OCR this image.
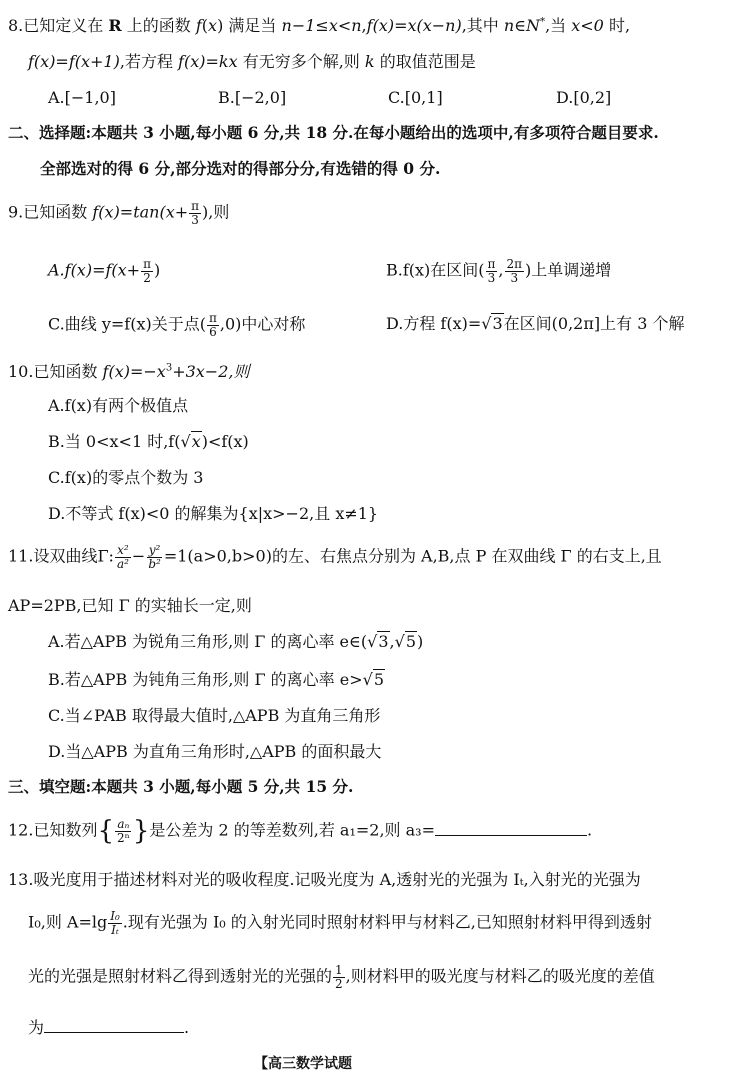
8.已知定义在 R 上的函数 f(x) 满足当 n−1≤x<n,f(x)=x(x−n),其中 n∈N*,当 x<0 时,
f(x)=f(x+1),若方程 f(x)=kx 有无穷多个解,则 k 的取值范围是
A.[−1,0]	B.[−2,0]	C.[0,1]	D.[0,2]
二、选择题:本题共 3 小题,每小题 6 分,共 18 分.在每小题给出的选项中,有多项符合题目要求.
全部选对的得 6 分,部分选对的得部分分,有选错的得 0 分.
9.已知函数 $f(x)=\tan(x+ \frac{\pi}{3}$ ),则
$A.f(x)=f(x+ \frac{\pi}{2}$ )	B.f(x)在区间( $\frac{\pi}{3}$ , $\frac{2\pi}{3}$ )上单调递增
C.曲线 y=f(x)关于点( $\frac{\pi}{6} ,0$)中心对称	D.方程 f(x)=√3在区间(0,2π]上有 3 个解
10.已知函数 $f(x)=-x^3+3x-2$,则
A.f(x)有两个极值点
B.当 0<x<1 时,f(√x)<f(x)
C.f(x)的零点个数为 3
D.不等式 f(x)<0 的解集为{x|x>−2,且 x≠1}
11.设双曲线Γ: $\frac{\text{x²}}{\text{a²}} - \frac{\text{y²}}{\text{b²}} =1(a>0,b>0)$的左、右焦点分别为 A,B,点 P 在双曲线 Γ 的右支上,且
AP=2PB,已知 Γ 的实轴长一定,则
A.若△APB 为锐角三角形,则 Γ 的离心率 e∈(√3,√5)
B.若△APB 为钝角三角形,则 Γ 的离心率 e>√5
C.当∠PAB 取得最大值时,△APB 为直角三角形
D.当△APB 为直角三角形时,△APB 的面积最大
三、填空题:本题共 3 小题,每小题 5 分,共 15 分.
12.已知数列{ $\frac{\text{aₙ}}{\text{2ⁿ}}$ }是公差为 2 的等差数列,若 a₁=2,则 a₃=	.
13.吸光度用于描述材料对光的吸收程度.记吸光度为 A,透射光的光强为 Iₜ,入射光的光强为
I₀,则 $A=\lg \frac{\text{I₀}}{\text{Iₜ}}$ .现有光强为 I₀ 的入射光同时照射材料甲与材料乙,已知照射材料甲得到透射
光的光强是照射材料乙得到透射光的光强的 $\frac{1}{2}$ ,则材料甲的吸光度与材料乙的吸光度的差值
为	.
【高三数学试题
